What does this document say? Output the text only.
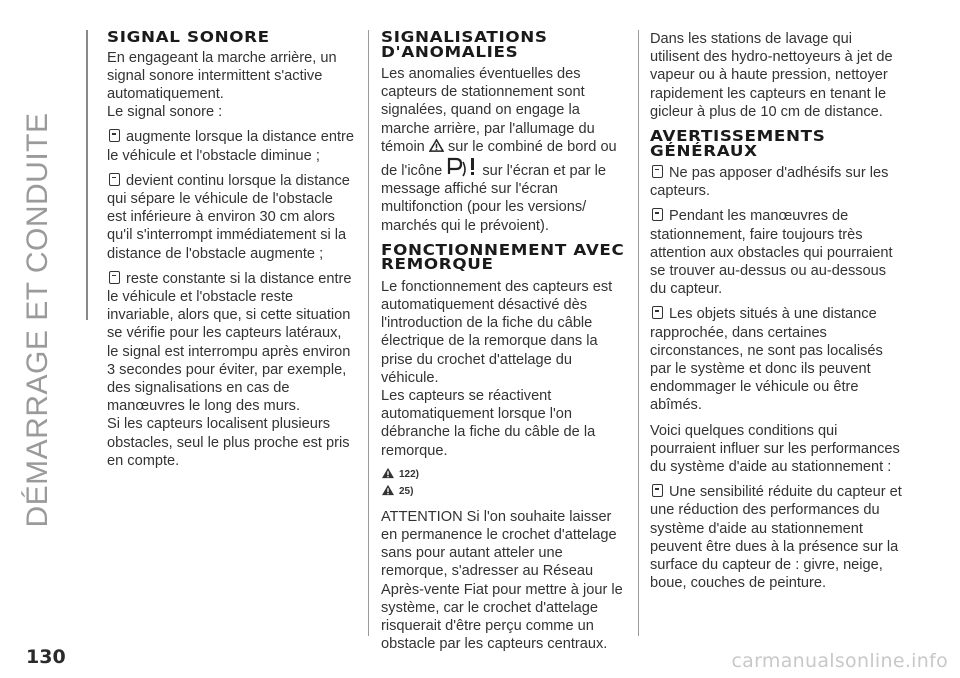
DÉMARRAGE ET CONDUITE
SIGNAL SONORE

En engageant la marche arrière, un signal sonore intermittent s'active automatiquement.
Le signal sonore :

augmente lorsque la distance entre le véhicule et l'obstacle diminue ;

devient continu lorsque la distance qui sépare le véhicule de l'obstacle est inférieure à environ 30 cm alors qu'il s'interrompt immédiatement si la distance de l'obstacle augmente ;

reste constante si la distance entre le véhicule et l'obstacle reste invariable, alors que, si cette situation se vérifie pour les capteurs latéraux, le signal est interrompu après environ 3 secondes pour éviter, par exemple, des signalisations en cas de manœuvres le long des murs.

Si les capteurs localisent plusieurs obstacles, seul le plus proche est pris en compte.

SIGNALISATIONS D'ANOMALIES

Les anomalies éventuelles des capteurs de stationnement sont signalées, quand on engage la marche arrière, par l'allumage du témoin sur le combiné de bord ou de l'icône	sur l'écran et par le message affiché sur l'écran multifonction (pour les versions/ marchés qui le prévoient).

FONCTIONNEMENT AVEC REMORQUE

Le fonctionnement des capteurs est automatiquement désactivé dès l'introduction de la fiche du câble électrique de la remorque dans la prise du crochet d'attelage du véhicule.
Les capteurs se réactivent automatiquement lorsque l'on débranche la fiche du câble de la remorque.

122)
25)

ATTENTION Si l'on souhaite laisser en permanence le crochet d'attelage sans pour autant atteler une remorque, s'adresser au Réseau Après-vente Fiat pour mettre à jour le système, car le crochet d'attelage risquerait d'être perçu comme un obstacle par les capteurs centraux.

Dans les stations de lavage qui utilisent des hydro-nettoyeurs à jet de vapeur ou à haute pression, nettoyer rapidement les capteurs en tenant le gicleur à plus de 10 cm de distance.

AVERTISSEMENTS GÉNÉRAUX

Ne pas apposer d'adhésifs sur les capteurs.

Pendant les manœuvres de stationnement, faire toujours très attention aux obstacles qui pourraient se trouver au-dessus ou au-dessous du capteur.

Les objets situés à une distance rapprochée, dans certaines circonstances, ne sont pas localisés par le système et donc ils peuvent endommager le véhicule ou être abîmés.

Voici quelques conditions qui pourraient influer sur les performances du système d'aide au stationnement :

Une sensibilité réduite du capteur et une réduction des performances du système d'aide au stationnement peuvent être dues à la présence sur la surface du capteur de : givre, neige, boue, couches de peinture.

130	carmanualsonline.info
